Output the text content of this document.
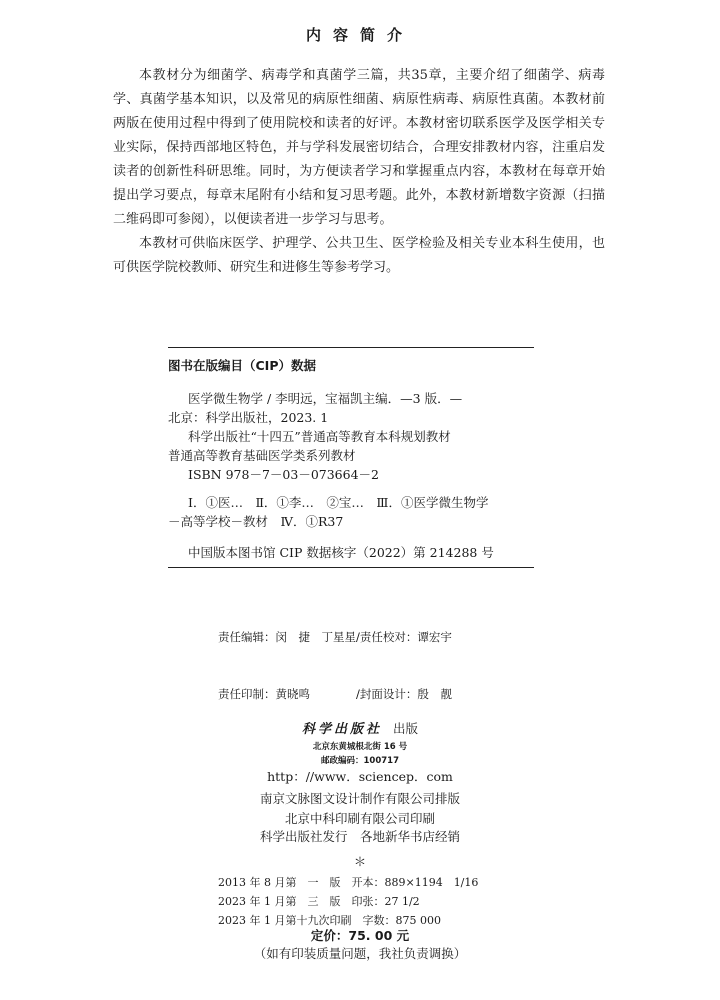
内容简介

本教材分为细菌学、病毒学和真菌学三篇，共35章，主要介绍了细菌学、病毒学、真菌学基本知识，以及常见的病原性细菌、病原性病毒、病原性真菌。本教材前两版在使用过程中得到了使用院校和读者的好评。本教材密切联系医学及医学相关专业实际，保持西部地区特色，并与学科发展密切结合，合理安排教材内容，注重启发读者的创新性科研思维。同时，为方便读者学习和掌握重点内容，本教材在每章开始提出学习要点，每章末尾附有小结和复习思考题。此外，本教材新增数字资源（扫描二维码即可参阅），以便读者进一步学习与思考。

本教材可供临床医学、护理学、公共卫生、医学检验及相关专业本科生使用，也可供医学院校教师、研究生和进修生等参考学习。

图书在版编目（CIP）数据
医学微生物学 / 李明远，宝福凯主编．—3 版．—
北京：科学出版社，2023. 1
科学出版社“十四五”普通高等教育本科规划教材
普通高等教育基础医学类系列教材
ISBN 978－7－03－073664－2
Ⅰ．①医…　Ⅱ．①李…　②宝…　Ⅲ．①医学微生物学
－高等学校－教材　Ⅳ．①R37
中国版本图书馆 CIP 数据核字（2022）第 214288 号

责任编辑：闵　捷　丁星星/责任校对：谭宏宇

责任印制：黄晓鸣　　　　/封面设计：殷　靓

科学出版社 出版
北京东黄城根北街 16 号
邮政编码：100717
http：//www．sciencep．com
南京文脉图文设计制作有限公司排版
北京中科印刷有限公司印刷
科学出版社发行　各地新华书店经销
＊
2013 年 8 月第　一　版　开本：889×1194　1/16
2023 年 1 月第　三　版　印张：27 1/2
2023 年 1 月第十九次印刷　字数：875 000
定价：75. 00 元
（如有印装质量问题，我社负责调换）
